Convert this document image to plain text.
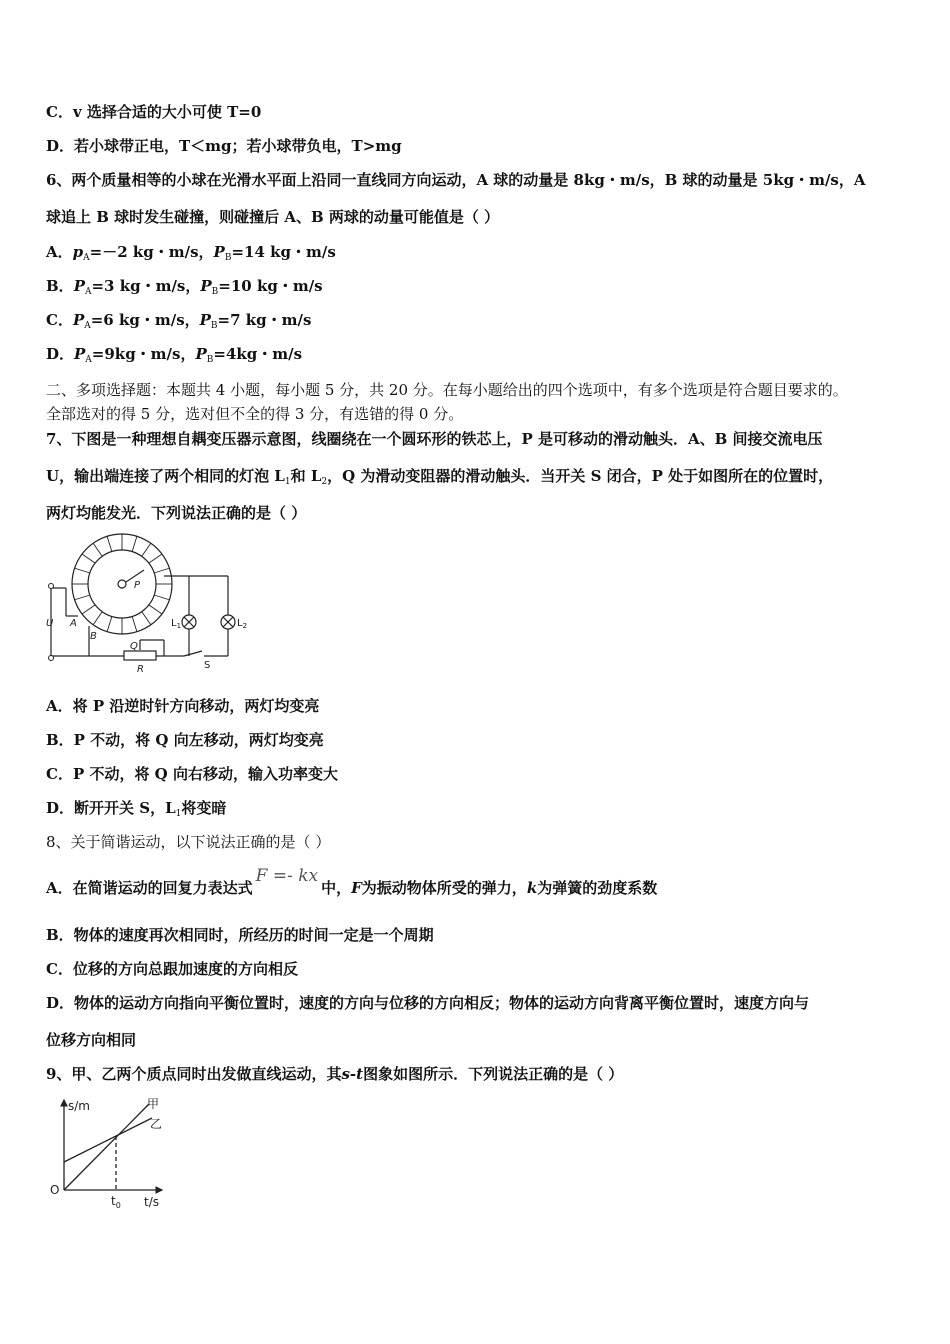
C．v 选择合适的大小可使 T=0
D．若小球带正电，T＜mg；若小球带负电，T>mg
6、两个质量相等的小球在光滑水平面上沿同一直线同方向运动，A 球的动量是 8kg・m/s，B 球的动量是 5kg・m/s，A
球追上 B 球时发生碰撞，则碰撞后 A、B 两球的动量可能值是（ ）
A．$p_A=-2$ kg・m/s，$P_B=14$ kg・m/s
B．$P_A=3$ kg・m/s，$P_B=10$ kg・m/s
C．$P_A=6$ kg・m/s，$P_B=7$ kg・m/s
D．$P_A=9kg$・m/s，$P_B=4kg$・m/s
二、多项选择题：本题共 4 小题，每小题 5 分，共 20 分。在每小题给出的四个选项中，有多个选项是符合题目要求的。
全部选对的得 5 分，选对但不全的得 3 分，有选错的得 0 分。
7、下图是一种理想自耦变压器示意图，线圈绕在一个圆环形的铁芯上，P 是可移动的滑动触头．A、B 间接交流电压
U，输出端连接了两个相同的灯泡 $L_1$和 $L_2$，Q 为滑动变阻器的滑动触头．当开关 S 闭合，P 处于如图所在的位置时，
两灯均能发光．下列说法正确的是（ ）
P
U A
B
Q
R	S
$L_1$	$L_2$
A．将 P 沿逆时针方向移动，两灯均变亮
B．P 不动，将 Q 向左移动，两灯均变亮
C．P 不动，将 Q 向右移动，输入功率变大
D．断开开关 S，$L_1$将变暗
8、关于简谐运动，以下说法正确的是（ ）
A．在简谐运动的回复力表达式F =- kx中，F为振动物体所受的弹力，k为弹簧的劲度系数
B．物体的速度再次相同时，所经历的时间一定是一个周期
C．位移的方向总跟加速度的方向相反
D．物体的运动方向指向平衡位置时，速度的方向与位移的方向相反；物体的运动方向背离平衡位置时，速度方向与
位移方向相同
9、甲、乙两个质点同时出发做直线运动，其s-t图象如图所示．下列说法正确的是（ ）
s/m
t/s
O
$t_0$
甲
乙
